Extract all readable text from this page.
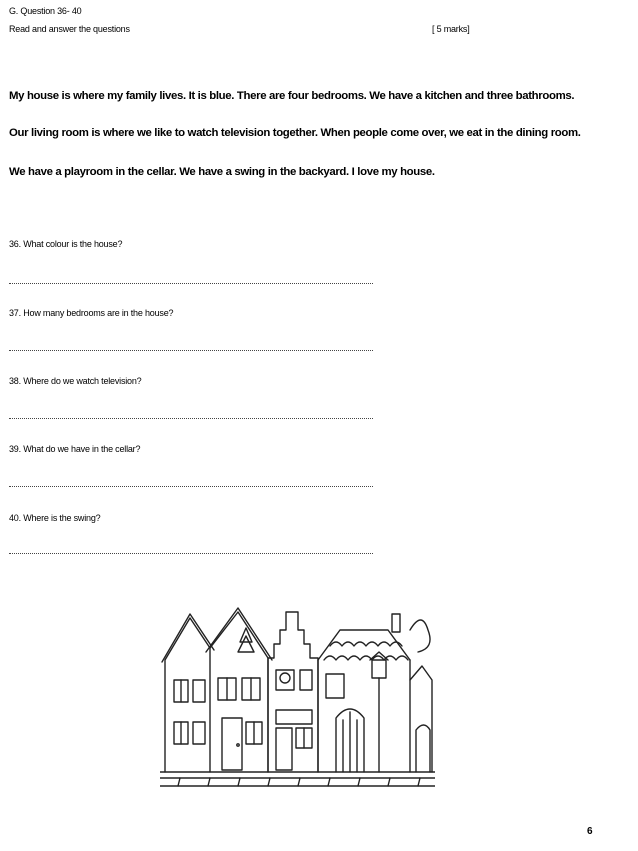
G. Question 36- 40
Read and answer the questions	[ 5 marks]
My house is where my family lives. It is blue. There are four bedrooms. We have a kitchen and three bathrooms.
Our living room is where we like to watch television together. When people come over, we eat in the dining room.
We have a playroom in the cellar. We have a swing in the backyard. I love my house.
36. What colour is the house?
37. How many bedrooms are in the house?
38. Where do we watch television?
39. What do we have in the cellar?
40. Where is the swing?
6
